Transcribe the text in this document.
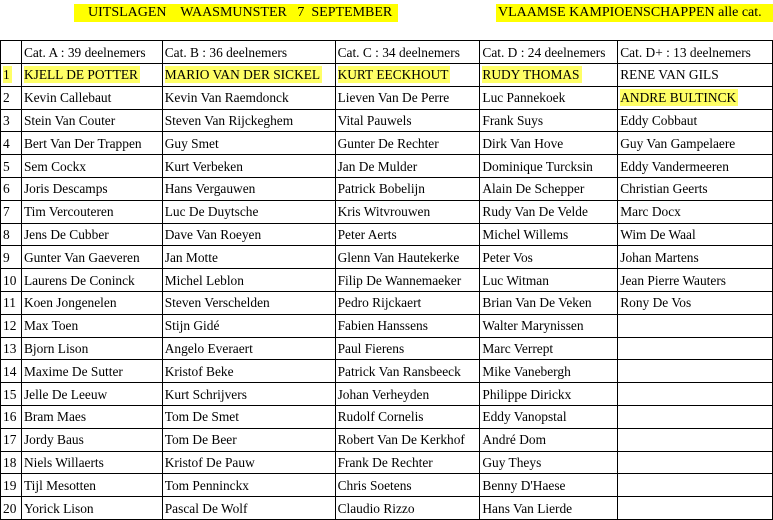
UITSLAGEN    WAASMUNSTER   7  SEPTEMBER	VLAAMSE KAMPIOENSCHAPPEN alle cat.
	Cat. A : 39 deelnemers	Cat. B : 36 deelnemers	Cat. C : 34 deelnemers	Cat. D : 24 deelnemers	Cat. D+ : 13 deelnemers
1	KJELL DE POTTER	MARIO VAN DER SICKEL	KURT EECKHOUT	RUDY THOMAS	RENE VAN GILS
2	Kevin Callebaut	Kevin Van Raemdonck	Lieven Van De Perre	Luc Pannekoek	ANDRE BULTINCK
3	Stein Van Couter	Steven Van Rijckeghem	Vital Pauwels	Frank Suys	Eddy Cobbaut
4	Bert Van Der Trappen	Guy Smet	Gunter De Rechter	Dirk Van Hove	Guy Van Gampelaere
5	Sem Cockx	Kurt Verbeken	Jan De Mulder	Dominique Turcksin	Eddy Vandermeeren
6	Joris Descamps	Hans Vergauwen	Patrick Bobelijn	Alain De Schepper	Christian Geerts
7	Tim Vercouteren	Luc De Duytsche	Kris Witvrouwen	Rudy Van De Velde	Marc Docx
8	Jens De Cubber	Dave Van Roeyen	Peter Aerts	Michel Willems	Wim De Waal
9	Gunter Van Gaeveren	Jan Motte	Glenn Van Hautekerke	Peter Vos	Johan Martens
10	Laurens De Coninck	Michel Leblon	Filip De Wannemaeker	Luc Witman	Jean Pierre Wauters
11	Koen Jongenelen	Steven Verschelden	Pedro Rijckaert	Brian Van De Veken	Rony De Vos
12	Max Toen	Stijn Gidé	Fabien Hanssens	Walter Marynissen	
13	Bjorn Lison	Angelo Everaert	Paul Fierens	Marc Verrept	
14	Maxime De Sutter	Kristof Beke	Patrick Van Ransbeeck	Mike Vanebergh	
15	Jelle De Leeuw	Kurt Schrijvers	Johan Verheyden	Philippe Dirickx	
16	Bram Maes	Tom De Smet	Rudolf Cornelis	Eddy Vanopstal	
17	Jordy Baus	Tom De Beer	Robert Van De Kerkhof	André Dom	
18	Niels Willaerts	Kristof De Pauw	Frank De Rechter	Guy Theys	
19	Tijl Mesotten	Tom Penninckx	Chris Soetens	Benny D'Haese	
20	Yorick Lison	Pascal De Wolf	Claudio Rizzo	Hans Van Lierde	
